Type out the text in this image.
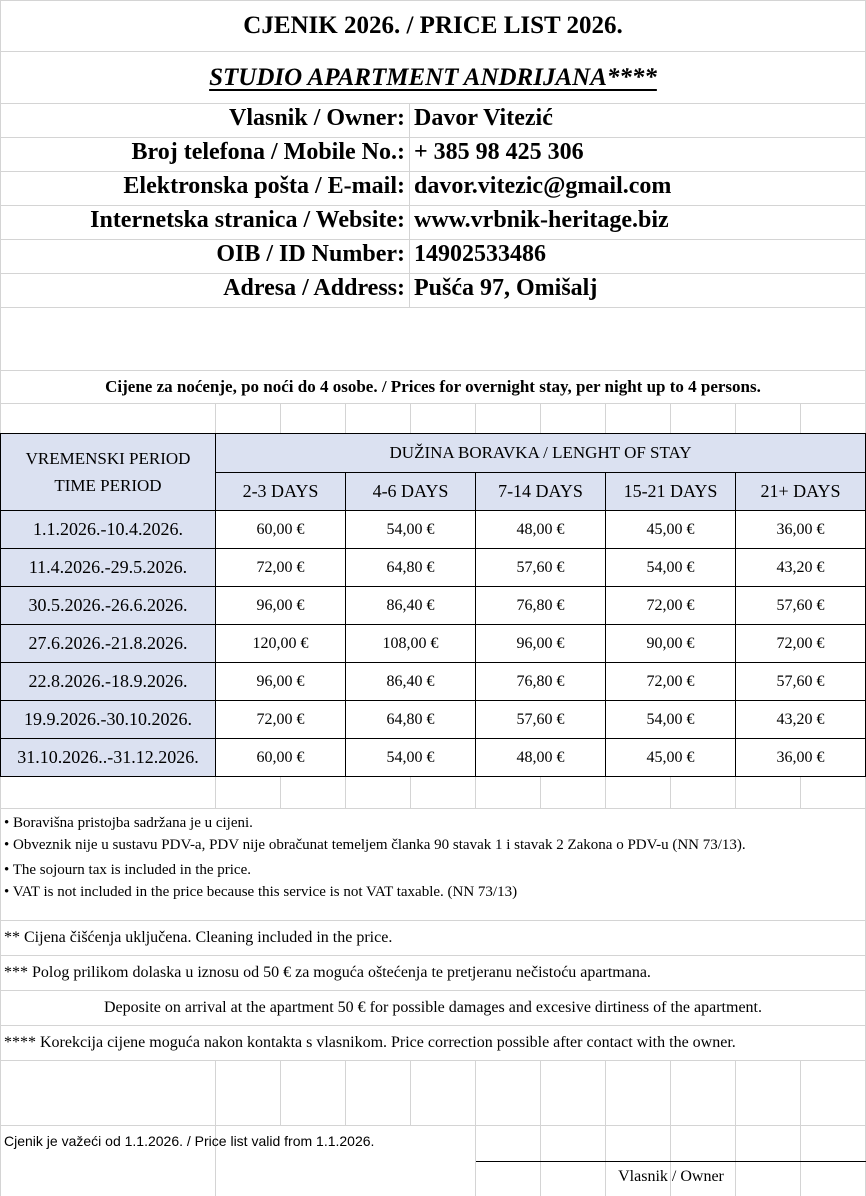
CJENIK 2026. / PRICE LIST 2026.
STUDIO APARTMENT ANDRIJANA****
Vlasnik / Owner: Davor Vitezić
Broj telefona / Mobile No.: + 385 98 425 306
Elektronska pošta / E-mail: davor.vitezic@gmail.com
Internetska stranica / Website: www.vrbnik-heritage.biz
OIB / ID Number: 14902533486
Adresa / Address: Pušća 97, Omišalj
Cijene za noćenje, po noći do 4 osobe. / Prices for overnight stay, per night up to 4 persons.
VREMENSKI PERIOD
TIME PERIOD	DUŽINA BORAVKA / LENGHT OF STAY				
	2-3 DAYS	4-6 DAYS	7-14 DAYS	15-21 DAYS	21+ DAYS
1.1.2026.-10.4.2026.	60,00 €	54,00 €	48,00 €	45,00 €	36,00 €
11.4.2026.-29.5.2026.	72,00 €	64,80 €	57,60 €	54,00 €	43,20 €
30.5.2026.-26.6.2026.	96,00 €	86,40 €	76,80 €	72,00 €	57,60 €
27.6.2026.-21.8.2026.	120,00 €	108,00 €	96,00 €	90,00 €	72,00 €
22.8.2026.-18.9.2026.	96,00 €	86,40 €	76,80 €	72,00 €	57,60 €
19.9.2026.-30.10.2026.	72,00 €	64,80 €	57,60 €	54,00 €	43,20 €
31.10.2026..-31.12.2026.	60,00 €	54,00 €	48,00 €	45,00 €	36,00 €
• Boravišna pristojba sadržana je u cijeni.
• Obveznik nije u sustavu PDV-a, PDV nije obračunat temeljem članka 90 stavak 1 i stavak 2 Zakona o PDV-u (NN 73/13).
• The sojourn tax is included in the price.
• VAT is not included in the price because this service is not VAT taxable. (NN 73/13)
** Cijena čišćenja uključena. Cleaning included in the price.
*** Polog prilikom dolaska u iznosu od 50 € za moguća oštećenja te pretjeranu nečistoću apartmana.
Deposite on arrival at the apartment 50 € for possible damages and excesive dirtiness of the apartment.
**** Korekcija cijene moguća nakon kontakta s vlasnikom. Price correction possible after contact with the owner.
Cjenik je važeći od 1.1.2026. / Price list valid from 1.1.2026.
Vlasnik / Owner
